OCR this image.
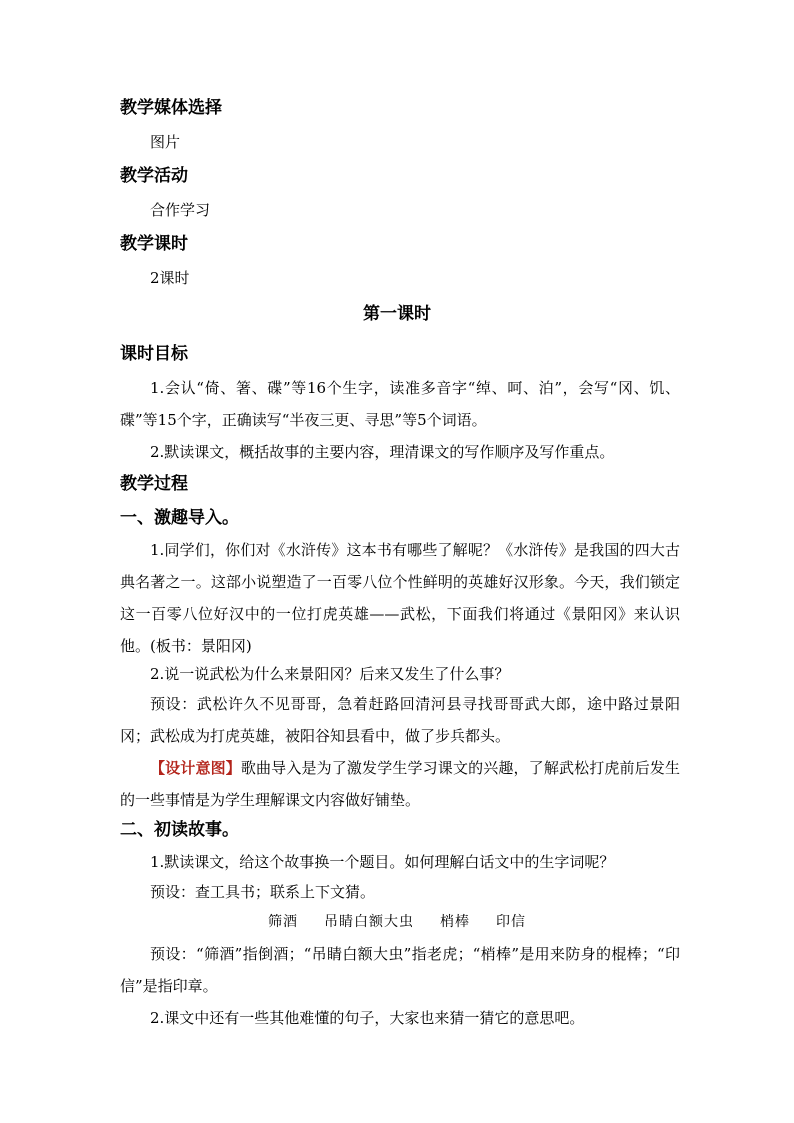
教学媒体选择
图片
教学活动
合作学习
教学课时
2课时
第一课时
课时目标
1.会认“倚、箸、碟”等16个生字，读准多音字“绰、呵、泊”，会写“冈、饥、碟”等15个字，正确读写“半夜三更、寻思”等5个词语。
2.默读课文，概括故事的主要内容，理清课文的写作顺序及写作重点。
教学过程
一、激趣导入。
1.同学们，你们对《水浒传》这本书有哪些了解呢？《水浒传》是我国的四大古典名著之一。这部小说塑造了一百零八位个性鲜明的英雄好汉形象。今天，我们锁定这一百零八位好汉中的一位打虎英雄——武松，下面我们将通过《景阳冈》来认识他。(板书：景阳冈)
2.说一说武松为什么来景阳冈？后来又发生了什么事？
预设：武松许久不见哥哥，急着赶路回清河县寻找哥哥武大郎，途中路过景阳冈；武松成为打虎英雄，被阳谷知县看中，做了步兵都头。
【设计意图】歌曲导入是为了激发学生学习课文的兴趣，了解武松打虎前后发生的一些事情是为学生理解课文内容做好铺垫。
二、初读故事。
1.默读课文，给这个故事换一个题目。如何理解白话文中的生字词呢？
预设：查工具书；联系上下文猜。
筛酒 吊睛白额大虫 梢棒 印信
预设：“筛酒”指倒酒；“吊睛白额大虫”指老虎；“梢棒”是用来防身的棍棒；“印信”是指印章。
2.课文中还有一些其他难懂的句子，大家也来猜一猜它的意思吧。
